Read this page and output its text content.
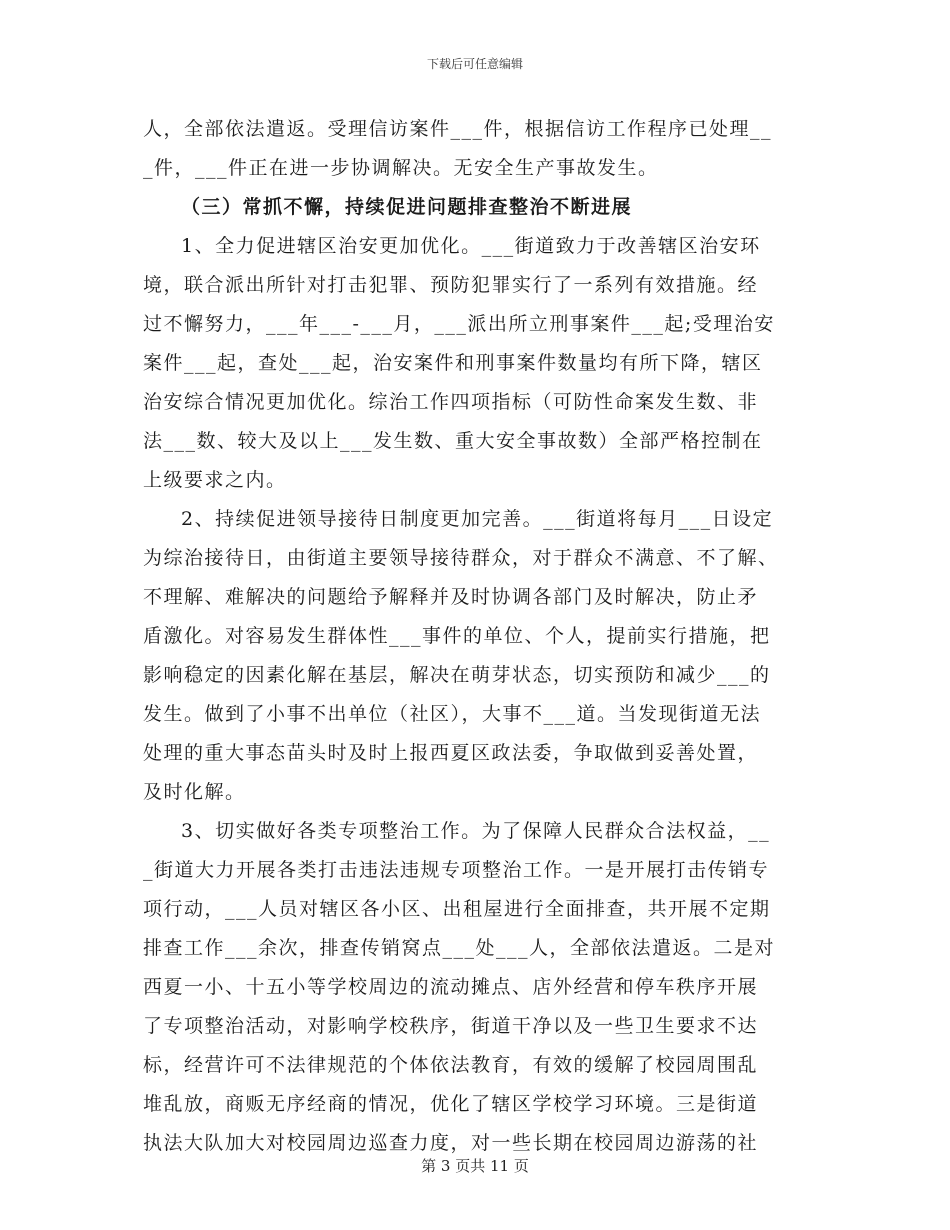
下载后可任意编辑
人，全部依法遣返。受理信访案件___件，根据信访工作程序已处理__
_件，___件正在进一步协调解决。无安全生产事故发生。
（三）常抓不懈，持续促进问题排查整治不断进展
1、全力促进辖区治安更加优化。___街道致力于改善辖区治安环
境，联合派出所针对打击犯罪、预防犯罪实行了一系列有效措施。经
过不懈努力，___年___-___月，___派出所立刑事案件___起;受理治安
案件___起，查处___起，治安案件和刑事案件数量均有所下降，辖区
治安综合情况更加优化。综治工作四项指标（可防性命案发生数、非
法___数、较大及以上___发生数、重大安全事故数）全部严格控制在
上级要求之内。
2、持续促进领导接待日制度更加完善。___街道将每月___日设定
为综治接待日，由街道主要领导接待群众，对于群众不满意、不了解、
不理解、难解决的问题给予解释并及时协调各部门及时解决，防止矛
盾激化。对容易发生群体性___事件的单位、个人，提前实行措施，把
影响稳定的因素化解在基层，解决在萌芽状态，切实预防和减少___的
发生。做到了小事不出单位（社区），大事不___道。当发现街道无法
处理的重大事态苗头时及时上报西夏区政法委，争取做到妥善处置，
及时化解。
3、切实做好各类专项整治工作。为了保障人民群众合法权益，__
_街道大力开展各类打击违法违规专项整治工作。一是开展打击传销专
项行动，___人员对辖区各小区、出租屋进行全面排查，共开展不定期
排查工作___余次，排查传销窝点___处___人，全部依法遣返。二是对
西夏一小、十五小等学校周边的流动摊点、店外经营和停车秩序开展
了专项整治活动，对影响学校秩序，街道干净以及一些卫生要求不达
标，经营许可不法律规范的个体依法教育，有效的缓解了校园周围乱
堆乱放，商贩无序经商的情况，优化了辖区学校学习环境。三是街道
执法大队加大对校园周边巡查力度，对一些长期在校园周边游荡的社
第 3 页共 11 页
